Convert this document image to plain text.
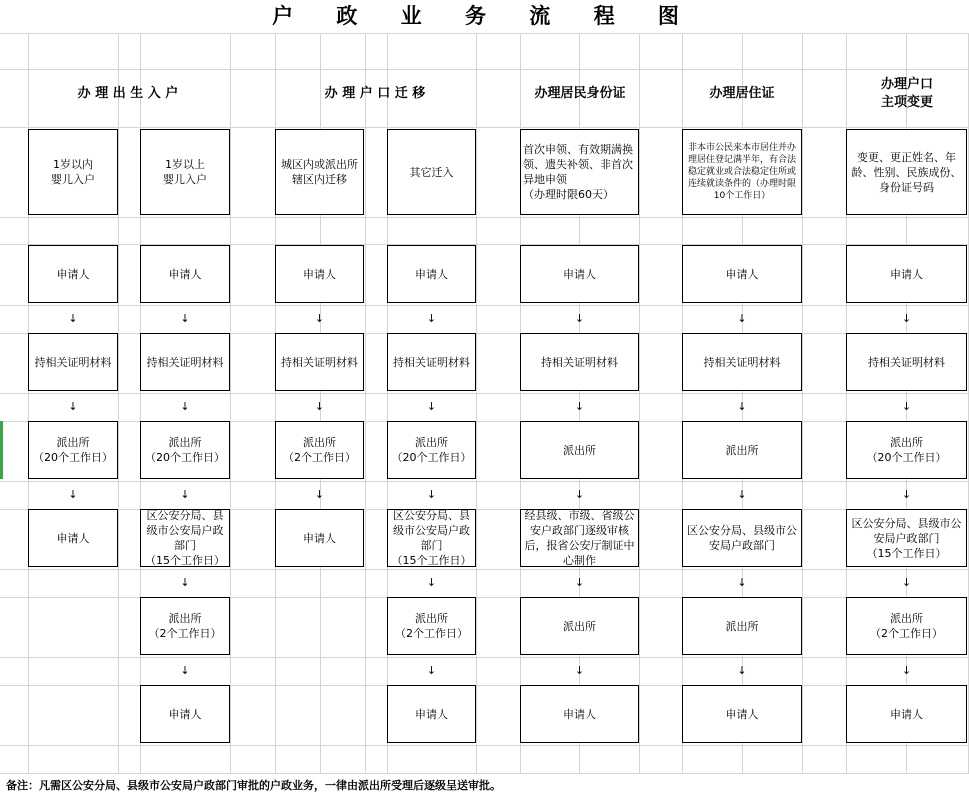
户 政 业 务 流 程 图
办 理 出 生 入 户	办 理 户 口 迁 移	办理居民身份证	办理居住证
办理户口
主项变更
1岁以内
婴儿入户
申请人
↓
持相关证明材料
↓
派出所
（20个工作日）
↓
申请人
1岁以上
婴儿入户
申请人
↓
持相关证明材料
↓
派出所
（20个工作日）
↓
区公安分局、县级市公安局户政部门
（15个工作日）
↓
派出所
（2个工作日）
↓
申请人
城区内或派出所辖区内迁移
申请人
↓
持相关证明材料
↓
派出所
（2个工作日）
↓
申请人
其它迁入
申请人
↓
持相关证明材料
↓
派出所
（20个工作日）
↓
区公安分局、县级市公安局户政部门
（15个工作日）
↓
派出所
（2个工作日）
↓
申请人
首次申领、有效期满换领、遗失补领、非首次异地申领
（办理时限60天）
申请人
↓
持相关证明材料
↓
派出所
↓
经县级、市级、省级公安户政部门逐级审核后，报省公安厅制证中心制作
↓
派出所
↓
申请人
非本市公民来本市居住并办理居住登记满半年，有合法稳定就业或合法稳定住所或连续就读条件的（办理时限10个工作日）
申请人
↓
持相关证明材料
↓
派出所
↓
区公安分局、县级市公安局户政部门
↓
派出所
↓
申请人
变更、更正姓名、年龄、性别、民族成份、身份证号码
申请人
↓
持相关证明材料
↓
派出所
（20个工作日）
↓
区公安分局、县级市公安局户政部门
（15个工作日）
↓
派出所
（2个工作日）
↓
申请人
备注：凡需区公安分局、县级市公安局户政部门审批的户政业务，一律由派出所受理后逐级呈送审批。
